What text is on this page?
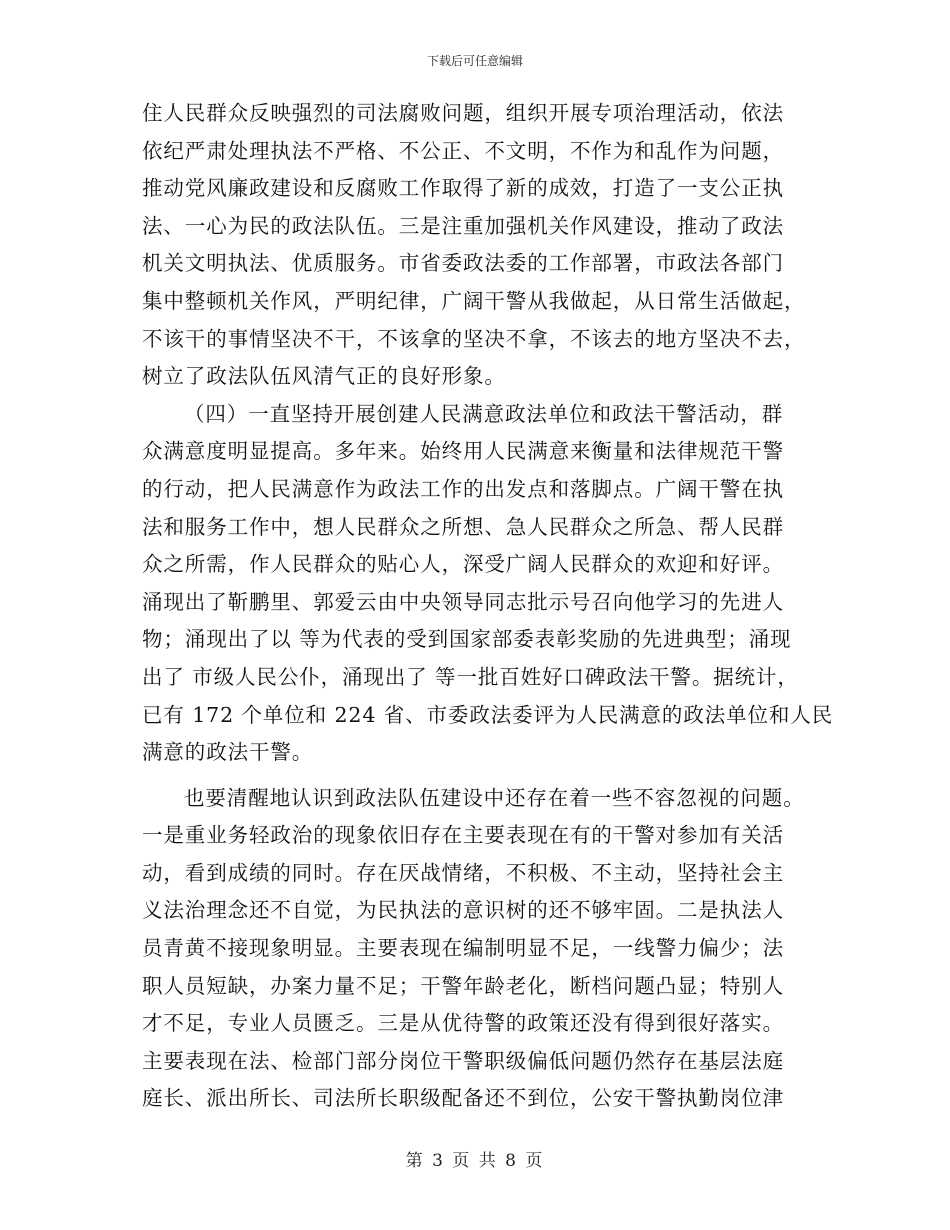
下载后可任意编辑
住人民群众反映强烈的司法腐败问题，组织开展专项治理活动，依法
依纪严肃处理执法不严格、不公正、不文明，不作为和乱作为问题，
推动党风廉政建设和反腐败工作取得了新的成效，打造了一支公正执
法、一心为民的政法队伍。三是注重加强机关作风建设，推动了政法
机关文明执法、优质服务。市省委政法委的工作部署，市政法各部门
集中整顿机关作风，严明纪律，广阔干警从我做起，从日常生活做起，
不该干的事情坚决不干，不该拿的坚决不拿，不该去的地方坚决不去，
树立了政法队伍风清气正的良好形象。
（四）一直坚持开展创建人民满意政法单位和政法干警活动，群
众满意度明显提高。多年来。始终用人民满意来衡量和法律规范干警
的行动，把人民满意作为政法工作的出发点和落脚点。广阔干警在执
法和服务工作中，想人民群众之所想、急人民群众之所急、帮人民群
众之所需，作人民群众的贴心人，深受广阔人民群众的欢迎和好评。
涌现出了靳鹏里、郭爱云由中央领导同志批示号召向他学习的先进人
物；涌现出了以 等为代表的受到国家部委表彰奖励的先进典型；涌现
出了 市级人民公仆，涌现出了 等一批百姓好口碑政法干警。据统计，
已有 172 个单位和 224 省、市委政法委评为人民满意的政法单位和人民
满意的政法干警。
也要清醒地认识到政法队伍建设中还存在着一些不容忽视的问题。
一是重业务轻政治的现象依旧存在主要表现在有的干警对参加有关活
动，看到成绩的同时。存在厌战情绪，不积极、不主动，坚持社会主
义法治理念还不自觉，为民执法的意识树的还不够牢固。二是执法人
员青黄不接现象明显。主要表现在编制明显不足，一线警力偏少；法
职人员短缺，办案力量不足；干警年龄老化，断档问题凸显；特别人
才不足，专业人员匮乏。三是从优待警的政策还没有得到很好落实。
主要表现在法、检部门部分岗位干警职级偏低问题仍然存在基层法庭
庭长、派出所长、司法所长职级配备还不到位，公安干警执勤岗位津
第 3 页 共 8 页
